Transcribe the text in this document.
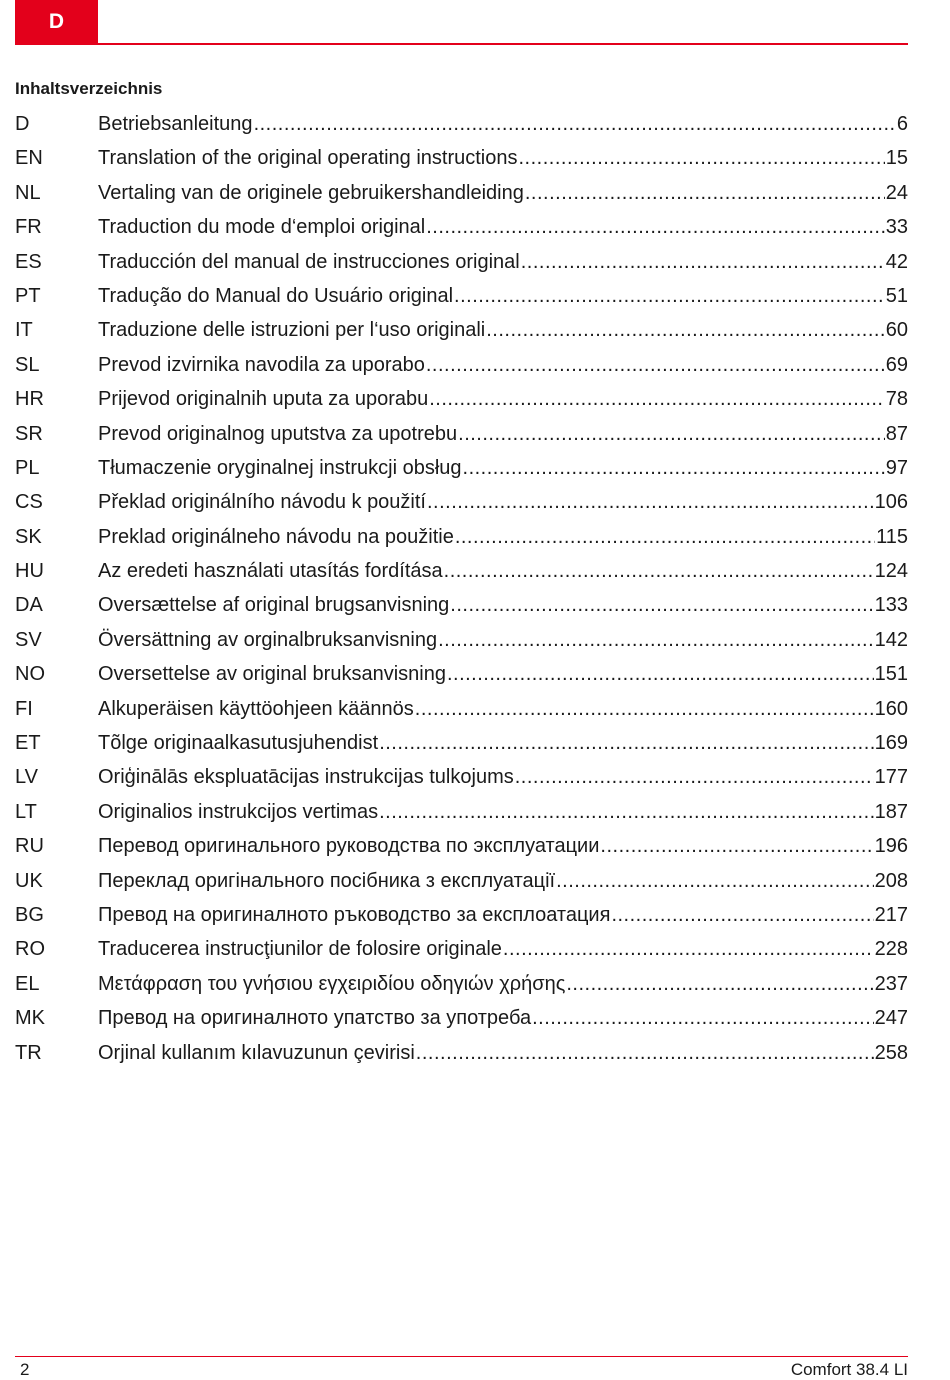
D
Inhaltsverzeichnis
D	Betriebsanleitung .....	6
EN	Translation of the original operating instructions .....	15
NL	Vertaling van de originele gebruikershandleiding .....	24
FR	Traduction du mode d‘emploi original .....	33
ES	Traducción del manual de instrucciones original .....	42
PT	Tradução do Manual do Usuário original .....	51
IT	Traduzione delle istruzioni per l‘uso originali .....	60
SL	Prevod izvirnika navodila za uporabo .....	69
HR	Prijevod originalnih uputa za uporabu .....	78
SR	Prevod originalnog uputstva za upotrebu .....	87
PL	Tłumaczenie oryginalnej instrukcji obsług .....	97
CS	Překlad originálního návodu k použití .....	106
SK	Preklad originálneho návodu na použitie .....	115
HU	Az eredeti használati utasítás fordítása .....	124
DA	Oversættelse af original brugsanvisning .....	133
SV	Översättning av orginalbruksanvisning .....	142
NO	Oversettelse av original bruksanvisning .....	151
FI	Alkuperäisen käyttöohjeen käännös .....	160
ET	Tõlge originaalkasutusjuhendist .....	169
LV	Oriģinālās ekspluatācijas instrukcijas tulkojums .....	177
LT	Originalios instrukcijos vertimas .....	187
RU	Перевод оригинального руководства по эксплуатации .....	196
UK	Переклад оригінального посібника з експлуатації .....	208
BG	Превод на оригиналното ръководство за експлоатация .....	217
RO	Traducerea instrucţiunilor de folosire originale .....	228
EL	Μετάφραση του γνήσιου εγχειριδίου οδηγιών χρήσης .....	237
MK	Превод на оригиналното упатство за употреба .....	247
TR	Orjinal kullanım kılavuzunun çevirisi .....	258
2	Comfort 38.4 LI
